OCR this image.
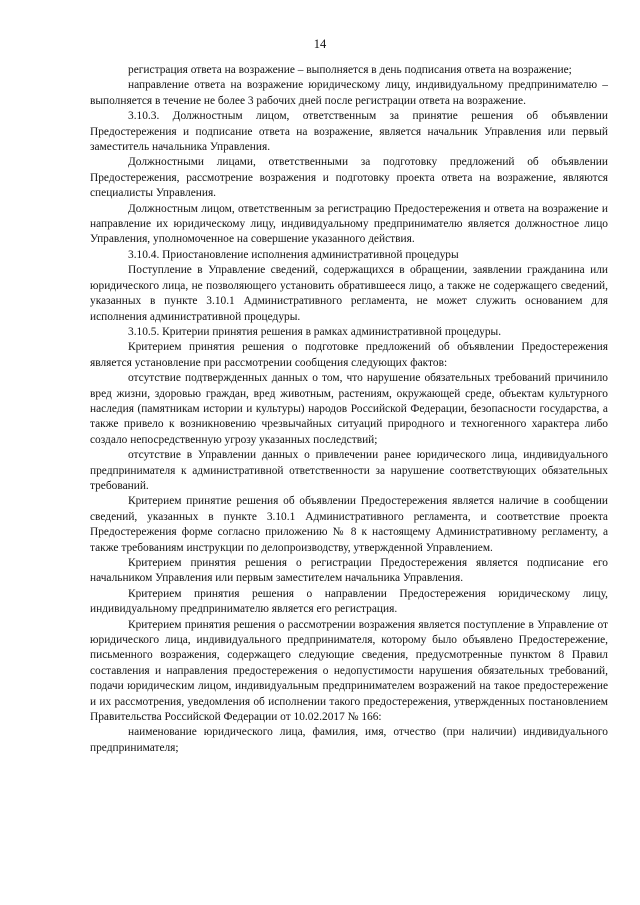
14

регистрация ответа на возражение – выполняется в день подписания ответа на возражение;

направление ответа на возражение юридическому лицу, индивидуальному предпринимателю – выполняется в течение не более 3 рабочих дней после регистрации ответа на возражение.

3.10.3. Должностным лицом, ответственным за принятие решения об объявлении Предостережения и подписание ответа на возражение, является начальник Управления или первый заместитель начальника Управления.

Должностными лицами, ответственными за подготовку предложений об объявлении Предостережения, рассмотрение возражения и подготовку проекта ответа на возражение, являются специалисты Управления.

Должностным лицом, ответственным за регистрацию Предостережения и ответа на возражение и направление их юридическому лицу, индивидуальному предпринимателю является должностное лицо Управления, уполномоченное на совершение указанного действия.

3.10.4. Приостановление исполнения административной процедуры

Поступление в Управление сведений, содержащихся в обращении, заявлении гражданина или юридического лица, не позволяющего установить обратившееся лицо, а также не содержащего сведений, указанных в пункте 3.10.1 Административного регламента, не может служить основанием для исполнения административной процедуры.

3.10.5. Критерии принятия решения в рамках административной процедуры.

Критерием принятия решения о подготовке предложений об объявлении Предостережения является установление при рассмотрении сообщения следующих фактов:

отсутствие подтвержденных данных о том, что нарушение обязательных требований причинило вред жизни, здоровью граждан, вред животным, растениям, окружающей среде, объектам культурного наследия (памятникам истории и культуры) народов Российской Федерации, безопасности государства, а также привело к возникновению чрезвычайных ситуаций природного и техногенного характера либо создало непосредственную угрозу указанных последствий;

отсутствие в Управлении данных о привлечении ранее юридического лица, индивидуального предпринимателя к административной ответственности за нарушение соответствующих обязательных требований.

Критерием принятие решения об объявлении Предостережения является наличие в сообщении сведений, указанных в пункте 3.10.1 Административного регламента, и соответствие проекта Предостережения форме согласно приложению № 8 к настоящему Административному регламенту, а также требованиям инструкции по делопроизводству, утвержденной Управлением.

Критерием принятия решения о регистрации Предостережения является подписание его начальником Управления или первым заместителем начальника Управления.

Критерием принятия решения о направлении Предостережения юридическому лицу, индивидуальному предпринимателю является его регистрация.

Критерием принятия решения о рассмотрении возражения является поступление в Управление от юридического лица, индивидуального предпринимателя, которому было объявлено Предостережение, письменного возражения, содержащего следующие сведения, предусмотренные пунктом 8 Правил составления и направления предостережения о недопустимости нарушения обязательных требований, подачи юридическим лицом, индивидуальным предпринимателем возражений на такое предостережение и их рассмотрения, уведомления об исполнении такого предостережения, утвержденных постановлением Правительства Российской Федерации от 10.02.2017 № 166:

наименование юридического лица, фамилия, имя, отчество (при наличии) индивидуального предпринимателя;
